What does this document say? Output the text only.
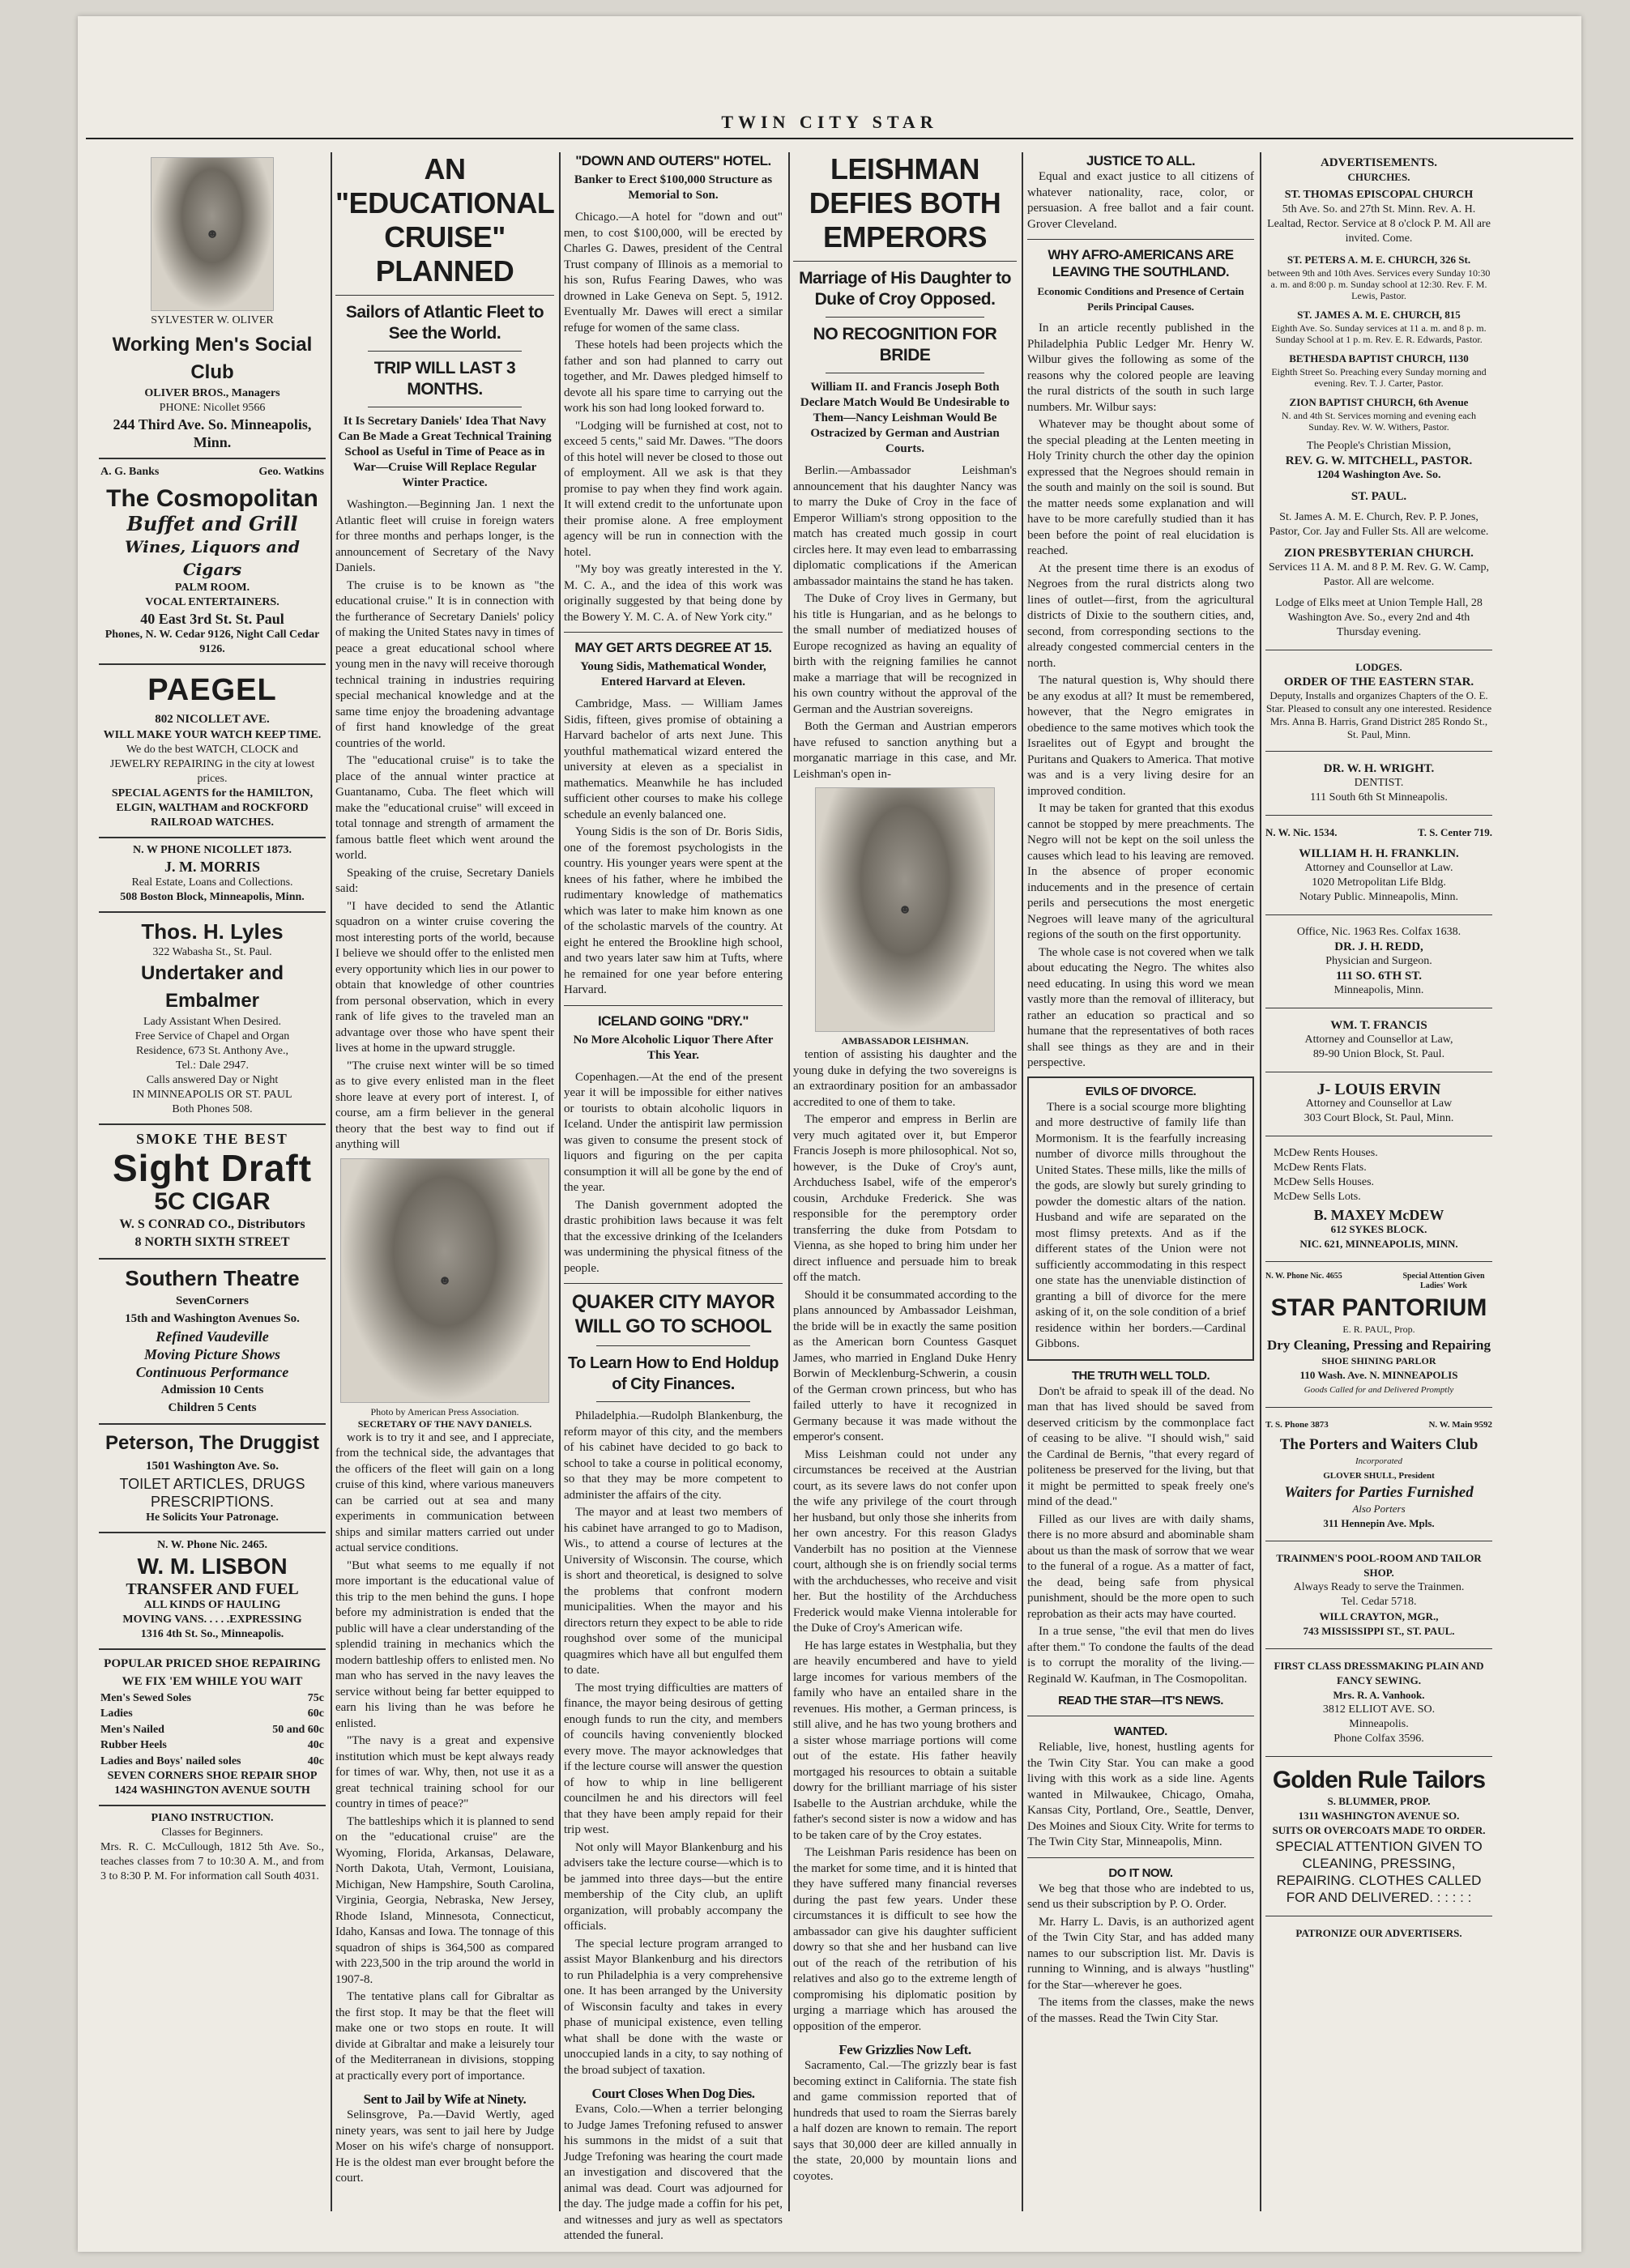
TWIN CITY STAR
☻
SYLVESTER W. OLIVER
Working Men's Social Club
OLIVER BROS., Managers
PHONE: Nicollet 9566
244 Third Ave. So. Minneapolis, Minn.
A. G. Banks	Geo. Watkins
The Cosmopolitan
Buffet and Grill
Wines, Liquors and Cigars
PALM ROOM.
VOCAL ENTERTAINERS.
40 East 3rd St. St. Paul
Phones, N. W. Cedar 9126, Night Call Cedar 9126.
PAEGEL
802 NICOLLET AVE.
WILL MAKE YOUR WATCH KEEP TIME.
We do the best WATCH, CLOCK and JEWELRY REPAIRING in the city at lowest prices.
SPECIAL AGENTS for the HAMILTON, ELGIN, WALTHAM and ROCKFORD RAILROAD WATCHES.
N. W PHONE NICOLLET 1873.
J. M. MORRIS
Real Estate, Loans and Collections.
508 Boston Block, Minneapolis, Minn.
Thos. H. Lyles
322 Wabasha St., St. Paul.
Undertaker and Embalmer
Lady Assistant When Desired.
Free Service of Chapel and Organ
Residence, 673 St. Anthony Ave.,
Tel.: Dale 2947.
Calls answered Day or Night
IN MINNEAPOLIS OR ST. PAUL
Both Phones 508.
SMOKE THE BEST
Sight Draft
5C CIGAR
W. S CONRAD CO., Distributors
8 NORTH SIXTH STREET
Southern Theatre
SevenCorners
15th and Washington Avenues So.
Refined Vaudeville
Moving Picture Shows
Continuous Performance
Admission 10 Cents
Children 5 Cents
Peterson, The Druggist
1501 Washington Ave. So.
TOILET ARTICLES, DRUGS
PRESCRIPTIONS.
He Solicits Your Patronage.
N. W. Phone Nic. 2465.
W. M. LISBON
TRANSFER AND FUEL
ALL KINDS OF HAULING
MOVING VANS. . . . .EXPRESSING
1316 4th St. So., Minneapolis.
POPULAR PRICED SHOE REPAIRING
WE FIX 'EM WHILE YOU WAIT
Men's Sewed Soles	75c
Ladies	60c
Men's Nailed	50 and 60c
Rubber Heels	40c
Ladies and Boys' nailed soles	40c
SEVEN CORNERS SHOE REPAIR SHOP
1424 WASHINGTON AVENUE SOUTH
PIANO INSTRUCTION.
Classes for Beginners.
Mrs. R. C. McCullough, 1812 5th Ave. So., teaches classes from 7 to 10:30 A. M., and from 3 to 8:30 P. M. For information call South 4031.
AN "EDUCATIONAL CRUISE" PLANNED
Sailors of Atlantic Fleet to See the World.
TRIP WILL LAST 3 MONTHS.
It Is Secretary Daniels' Idea That Navy Can Be Made a Great Technical Training School as Useful in Time of Peace as in War—Cruise Will Replace Regular Winter Practice.

Washington.—Beginning Jan. 1 next the Atlantic fleet will cruise in foreign waters for three months and perhaps longer, is the announcement of Secretary of the Navy Daniels.

The cruise is to be known as "the educational cruise." It is in connection with the furtherance of Secretary Daniels' policy of making the United States navy in times of peace a great educational school where young men in the navy will receive thorough technical training in industries requiring special mechanical knowledge and at the same time enjoy the broadening advantage of first hand knowledge of the great countries of the world.

The "educational cruise" is to take the place of the annual winter practice at Guantanamo, Cuba. The fleet which will make the "educational cruise" will exceed in total tonnage and strength of armament the famous battle fleet which went around the world.

Speaking of the cruise, Secretary Daniels said:

"I have decided to send the Atlantic squadron on a winter cruise covering the most interesting ports of the world, because I believe we should offer to the enlisted men every opportunity which lies in our power to obtain that knowledge of other countries from personal observation, which in every rank of life gives to the traveled man an advantage over those who have spent their lives at home in the upward struggle.

"The cruise next winter will be so timed as to give every enlisted man in the fleet shore leave at every port of interest. I, of course, am a firm believer in the general theory that the best way to find out if anything will

☻
Photo by American Press Association.
SECRETARY OF THE NAVY DANIELS.

work is to try it and see, and I appreciate, from the technical side, the advantages that the officers of the fleet will gain on a long cruise of this kind, where various maneuvers can be carried out at sea and many experiments in communication between ships and similar matters carried out under actual service conditions.

"But what seems to me equally if not more important is the educational value of this trip to the men behind the guns. I hope before my administration is ended that the public will have a clear understanding of the splendid training in mechanics which the modern battleship offers to enlisted men. No man who has served in the navy leaves the service without being far better equipped to earn his living than he was before he enlisted.

"The navy is a great and expensive institution which must be kept always ready for times of war. Why, then, not use it as a great technical training school for our country in times of peace?"

The battleships which it is planned to send on the "educational cruise" are the Wyoming, Florida, Arkansas, Delaware, North Dakota, Utah, Vermont, Louisiana, Michigan, New Hampshire, South Carolina, Virginia, Georgia, Nebraska, New Jersey, Rhode Island, Minnesota, Connecticut, Idaho, Kansas and Iowa. The tonnage of this squadron of ships is 364,500 as compared with 223,500 in the trip around the world in 1907-8.

The tentative plans call for Gibraltar as the first stop. It may be that the fleet will make one or two stops en route. It will divide at Gibraltar and make a leisurely tour of the Mediterranean in divisions, stopping at practically every port of importance.

Sent to Jail by Wife at Ninety.

Selinsgrove, Pa.—David Wertly, aged ninety years, was sent to jail here by Judge Moser on his wife's charge of nonsupport. He is the oldest man ever brought before the court.

"DOWN AND OUTERS" HOTEL.
Banker to Erect $100,000 Structure as Memorial to Son.

Chicago.—A hotel for "down and out" men, to cost $100,000, will be erected by Charles G. Dawes, president of the Central Trust company of Illinois as a memorial to his son, Rufus Fearing Dawes, who was drowned in Lake Geneva on Sept. 5, 1912. Eventually Mr. Dawes will erect a similar refuge for women of the same class.

These hotels had been projects which the father and son had planned to carry out together, and Mr. Dawes pledged himself to devote all his spare time to carrying out the work his son had long looked forward to.

"Lodging will be furnished at cost, not to exceed 5 cents," said Mr. Dawes. "The doors of this hotel will never be closed to those out of employment. All we ask is that they promise to pay when they find work again. It will extend credit to the unfortunate upon their promise alone. A free employment agency will be run in connection with the hotel.

"My boy was greatly interested in the Y. M. C. A., and the idea of this work was originally suggested by that being done by the Bowery Y. M. C. A. of New York city."

MAY GET ARTS DEGREE AT 15.
Young Sidis, Mathematical Wonder, Entered Harvard at Eleven.

Cambridge, Mass. — William James Sidis, fifteen, gives promise of obtaining a Harvard bachelor of arts next June. This youthful mathematical wizard entered the university at eleven as a specialist in mathematics. Meanwhile he has included sufficient other courses to make his college schedule an evenly balanced one.

Young Sidis is the son of Dr. Boris Sidis, one of the foremost psychologists in the country. His younger years were spent at the knees of his father, where he imbibed the rudimentary knowledge of mathematics which was later to make him known as one of the scholastic marvels of the country. At eight he entered the Brookline high school, and two years later saw him at Tufts, where he remained for one year before entering Harvard.

ICELAND GOING "DRY."
No More Alcoholic Liquor There After This Year.

Copenhagen.—At the end of the present year it will be impossible for either natives or tourists to obtain alcoholic liquors in Iceland. Under the antispirit law permission was given to consume the present stock of liquors and figuring on the per capita consumption it will all be gone by the end of the year.

The Danish government adopted the drastic prohibition laws because it was felt that the excessive drinking of the Icelanders was undermining the physical fitness of the people.

QUAKER CITY MAYOR WILL GO TO SCHOOL
To Learn How to End Holdup of City Finances.

Philadelphia.—Rudolph Blankenburg, the reform mayor of this city, and the members of his cabinet have decided to go back to school to take a course in political economy, so that they may be more competent to administer the affairs of the city.

The mayor and at least two members of his cabinet have arranged to go to Madison, Wis., to attend a course of lectures at the University of Wisconsin. The course, which is short and theoretical, is designed to solve the problems that confront modern municipalities. When the mayor and his directors return they expect to be able to ride roughshod over some of the municipal quagmires which have all but engulfed them to date.

The most trying difficulties are matters of finance, the mayor being desirous of getting enough funds to run the city, and members of councils having conveniently blocked every move. The mayor acknowledges that if the lecture course will answer the question of how to whip in line belligerent councilmen he and his directors will feel that they have been amply repaid for their trip west.

Not only will Mayor Blankenburg and his advisers take the lecture course—which is to be jammed into three days—but the entire membership of the City club, an uplift organization, will probably accompany the officials.

The special lecture program arranged to assist Mayor Blankenburg and his directors to run Philadelphia is a very comprehensive one. It has been arranged by the University of Wisconsin faculty and takes in every phase of municipal existence, even telling what shall be done with the waste or unoccupied lands in a city, to say nothing of the broad subject of taxation.

Court Closes When Dog Dies.

Evans, Colo.—When a terrier belonging to Judge James Trefoning refused to answer his summons in the midst of a suit that Judge Trefoning was hearing the court made an investigation and discovered that the animal was dead. Court was adjourned for the day. The judge made a coffin for his pet, and witnesses and jury as well as spectators attended the funeral.

LEISHMAN DEFIES BOTH EMPERORS
Marriage of His Daughter to Duke of Croy Opposed.
NO RECOGNITION FOR BRIDE
William II. and Francis Joseph Both Declare Match Would Be Undesirable to Them—Nancy Leishman Would Be Ostracized by German and Austrian Courts.

Berlin.—Ambassador Leishman's announcement that his daughter Nancy was to marry the Duke of Croy in the face of Emperor William's strong opposition to the match has created much gossip in court circles here. It may even lead to embarrassing diplomatic complications if the American ambassador maintains the stand he has taken.

The Duke of Croy lives in Germany, but his title is Hungarian, and as he belongs to the small number of mediatized houses of Europe recognized as having an equality of birth with the reigning families he cannot make a marriage that will be recognized in his own country without the approval of the German and the Austrian sovereigns.

Both the German and Austrian emperors have refused to sanction anything but a morganatic marriage in this case, and Mr. Leishman's open in-

☻
AMBASSADOR LEISHMAN.

tention of assisting his daughter and the young duke in defying the two sovereigns is an extraordinary position for an ambassador accredited to one of them to take.

The emperor and empress in Berlin are very much agitated over it, but Emperor Francis Joseph is more philosophical. Not so, however, is the Duke of Croy's aunt, Archduchess Isabel, wife of the emperor's cousin, Archduke Frederick. She was responsible for the peremptory order transferring the duke from Potsdam to Vienna, as she hoped to bring him under her direct influence and persuade him to break off the match.

Should it be consummated according to the plans announced by Ambassador Leishman, the bride will be in exactly the same position as the American born Countess Gasquet James, who married in England Duke Henry Borwin of Mecklenburg-Schwerin, a cousin of the German crown princess, but who has failed utterly to have it recognized in Germany because it was made without the emperor's consent.

Miss Leishman could not under any circumstances be received at the Austrian court, as its severe laws do not confer upon the wife any privilege of the court through her husband, but only those she inherits from her own ancestry. For this reason Gladys Vanderbilt has no position at the Viennese court, although she is on friendly social terms with the archduchesses, who receive and visit her. But the hostility of the Archduchess Frederick would make Vienna intolerable for the Duke of Croy's American wife.

He has large estates in Westphalia, but they are heavily encumbered and have to yield large incomes for various members of the family who have an entailed share in the revenues. His mother, a German princess, is still alive, and he has two young brothers and a sister whose marriage portions will come out of the estate. His father heavily mortgaged his resources to obtain a suitable dowry for the brilliant marriage of his sister Isabelle to the Austrian archduke, while the father's second sister is now a widow and has to be taken care of by the Croy estates.

The Leishman Paris residence has been on the market for some time, and it is hinted that they have suffered many financial reverses during the past few years. Under these circumstances it is difficult to see how the ambassador can give his daughter sufficient dowry so that she and her husband can live out of the reach of the retribution of his relatives and also go to the extreme length of compromising his diplomatic position by urging a marriage which has aroused the opposition of the emperor.

Few Grizzlies Now Left.

Sacramento, Cal.—The grizzly bear is fast becoming extinct in California. The state fish and game commission reported that of hundreds that used to roam the Sierras barely a half dozen are known to remain. The report says that 30,000 deer are killed annually in the state, 20,000 by mountain lions and coyotes.

JUSTICE TO ALL.

Equal and exact justice to all citizens of whatever nationality, race, color, or persuasion. A free ballot and a fair count. Grover Cleveland.

WHY AFRO-AMERICANS ARE LEAVING THE SOUTHLAND.
Economic Conditions and Presence of Certain Perils Principal Causes.

In an article recently published in the Philadelphia Public Ledger Mr. Henry W. Wilbur gives the following as some of the reasons why the colored people are leaving the rural districts of the south in such large numbers. Mr. Wilbur says:

Whatever may be thought about some of the special pleading at the Lenten meeting in Holy Trinity church the other day the opinion expressed that the Negroes should remain in the south and mainly on the soil is sound. But the matter needs some explanation and will have to be more carefully studied than it has been before the point of real elucidation is reached.

At the present time there is an exodus of Negroes from the rural districts along two lines of outlet—first, from the agricultural districts of Dixie to the southern cities, and, second, from corresponding sections to the already congested commercial centers in the north.

The natural question is, Why should there be any exodus at all? It must be remembered, however, that the Negro emigrates in obedience to the same motives which took the Israelites out of Egypt and brought the Puritans and Quakers to America. That motive was and is a very living desire for an improved condition.

It may be taken for granted that this exodus cannot be stopped by mere preachments. The Negro will not be kept on the soil unless the causes which lead to his leaving are removed. In the absence of proper economic inducements and in the presence of certain perils and persecutions the most energetic Negroes will leave many of the agricultural regions of the south on the first opportunity.

The whole case is not covered when we talk about educating the Negro. The whites also need educating. In using this word we mean vastly more than the removal of illiteracy, but rather an education so practical and so humane that the representatives of both races shall see things as they are and in their perspective.

EVILS OF DIVORCE.

There is a social scourge more blighting and more destructive of family life than Mormonism. It is the fearfully increasing number of divorce mills throughout the United States. These mills, like the mills of the gods, are slowly but surely grinding to powder the domestic altars of the nation. Husband and wife are separated on the most flimsy pretexts. And as if the different states of the Union were not sufficiently accommodating in this respect one state has the unenviable distinction of granting a bill of divorce for the mere asking of it, on the sole condition of a brief residence within her borders.—Cardinal Gibbons.

THE TRUTH WELL TOLD.

Don't be afraid to speak ill of the dead. No man that has lived should be saved from deserved criticism by the commonplace fact of ceasing to be alive. "I should wish," said the Cardinal de Bernis, "that every regard of politeness be preserved for the living, but that it might be permitted to speak freely one's mind of the dead."

Filled as our lives are with daily shams, there is no more absurd and abominable sham about us than the mask of sorrow that we wear to the funeral of a rogue. As a matter of fact, the dead, being safe from physical punishment, should be the more open to such reprobation as their acts may have courted.

In a true sense, "the evil that men do lives after them." To condone the faults of the dead is to corrupt the morality of the living.—Reginald W. Kaufman, in The Cosmopolitan.

READ THE STAR—IT'S NEWS.
WANTED.

Reliable, live, honest, hustling agents for the Twin City Star. You can make a good living with this work as a side line. Agents wanted in Milwaukee, Chicago, Omaha, Kansas City, Portland, Ore., Seattle, Denver, Des Moines and Sioux City. Write for terms to The Twin City Star, Minneapolis, Minn.

DO IT NOW.

We beg that those who are indebted to us, send us their subscription by P. O. Order.

Mr. Harry L. Davis, is an authorized agent of the Twin City Star, and has added many names to our subscription list. Mr. Davis is running to Winning, and is always "hustling" for the Star—wherever he goes.

The items from the classes, make the news of the masses. Read the Twin City Star.

ADVERTISEMENTS.
CHURCHES.
ST. THOMAS EPISCOPAL CHURCH
5th Ave. So. and 27th St. Minn. Rev. A. H. Lealtad, Rector. Service at 8 o'clock P. M. All are invited. Come.
ST. PETERS A. M. E. CHURCH, 326 St.
between 9th and 10th Aves. Services every Sunday 10:30 a. m. and 8:00 p. m. Sunday school at 12:30. Rev. F. M. Lewis, Pastor.
ST. JAMES A. M. E. CHURCH, 815
Eighth Ave. So. Sunday services at 11 a. m. and 8 p. m. Sunday School at 1 p. m. Rev. E. R. Edwards, Pastor.
BETHESDA BAPTIST CHURCH, 1130
Eighth Street So. Preaching every Sunday morning and evening. Rev. T. J. Carter, Pastor.
ZION BAPTIST CHURCH, 6th Avenue
N. and 4th St. Services morning and evening each Sunday. Rev. W. W. Withers, Pastor.
The People's Christian Mission,
REV. G. W. MITCHELL, PASTOR.
1204 Washington Ave. So.
ST. PAUL.
St. James A. M. E. Church, Rev. P. P. Jones, Pastor, Cor. Jay and Fuller Sts. All are welcome.
ZION PRESBYTERIAN CHURCH.
Services 11 A. M. and 8 P. M. Rev. G. W. Camp, Pastor. All are welcome.
Lodge of Elks meet at Union Temple Hall, 28 Washington Ave. So., every 2nd and 4th Thursday evening.
LODGES.
ORDER OF THE EASTERN STAR.
Deputy, Installs and organizes Chapters of the O. E. Star. Pleased to consult any one interested. Residence Mrs. Anna B. Harris, Grand District 285 Rondo St., St. Paul, Minn.
DR. W. H. WRIGHT.
DENTIST.
111 South 6th St Minneapolis.
N. W. Nic. 1534.	T. S. Center 719.
WILLIAM H. H. FRANKLIN.
Attorney and Counsellor at Law.
1020 Metropolitan Life Bldg.
Notary Public. Minneapolis, Minn.
Office, Nic. 1963 Res. Colfax 1638.
DR. J. H. REDD,
Physician and Surgeon.
111 SO. 6TH ST.
Minneapolis, Minn.
WM. T. FRANCIS
Attorney and Counsellor at Law,
89-90 Union Block, St. Paul.
J- LOUIS ERVIN
Attorney and Counsellor at Law
303 Court Block, St. Paul, Minn.
McDew Rents Houses.
McDew Rents Flats.
McDew Sells Houses.
McDew Sells Lots.
B. MAXEY McDEW
612 SYKES BLOCK.
NIC. 621, MINNEAPOLIS, MINN.
N. W. Phone Nic. 4655	Special Attention Given Ladies' Work
STAR PANTORIUM
E. R. PAUL, Prop.
Dry Cleaning, Pressing and Repairing
SHOE SHINING PARLOR
110 Wash. Ave. N. MINNEAPOLIS
Goods Called for and Delivered Promptly
T. S. Phone 3873	N. W. Main 9592
The Porters and Waiters Club
Incorporated
GLOVER SHULL, President
Waiters for Parties Furnished
Also Porters
311 Hennepin Ave. Mpls.
TRAINMEN'S POOL-ROOM AND TAILOR SHOP.
Always Ready to serve the Trainmen.
Tel. Cedar 5718.
WILL CRAYTON, MGR.,
743 MISSISSIPPI ST., ST. PAUL.
FIRST CLASS DRESSMAKING PLAIN AND FANCY SEWING.
Mrs. R. A. Vanhook.
3812 ELLIOT AVE. SO.
Minneapolis.
Phone Colfax 3596.
Golden Rule Tailors
S. BLUMMER, PROP.
1311 WASHINGTON AVENUE SO.
SUITS OR OVERCOATS MADE TO ORDER.
SPECIAL ATTENTION GIVEN TO CLEANING, PRESSING, REPAIRING. CLOTHES CALLED FOR AND DELIVERED. : : : : :
PATRONIZE OUR ADVERTISERS.
